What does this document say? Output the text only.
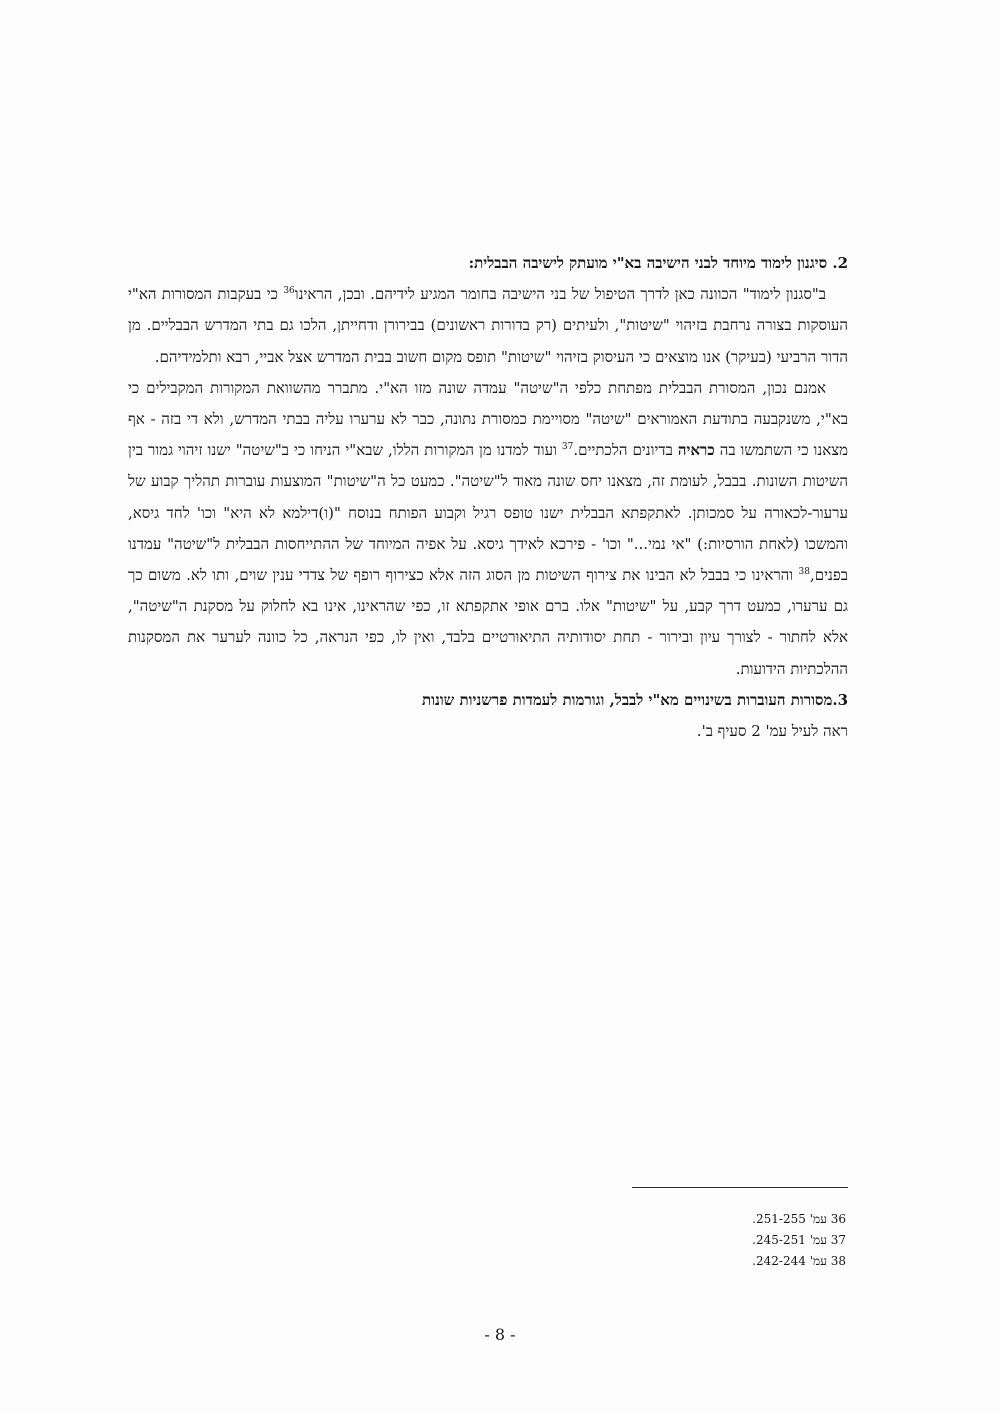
2. סיגנון לימוד מיוחד לבני הישיבה בא"י מועתק לישיבה הבבלית:

ב"סגנון לימוד" הכוונה כאן לדרך הטיפול של בני הישיבה בחומר המגיע לידיהם. ובכן, הראינו$^{36}$ כי בעקבות המסורות הא"י העוסקות בצורה נרחבת בזיהוי "שיטות", ולעיתים (רק בדורות ראשונים) בבירורן ודחייתן, הלכו גם בתי המדרש הבבליים. מן הדור הרביעי (בעיקר) אנו מוצאים כי העיסוק בזיהוי "שיטות" תופס מקום חשוב בבית המדרש אצל אביי, רבא ותלמידיהם.

אמנם נכון, המסורת הבבלית מפתחת כלפי ה"שיטה" עמדה שונה מזו הא"י. מתברר מהשוואת המקורות המקבילים כי בא"י, משנקבעה בתודעת האמוראים "שיטה" מסויימת כמסורת נתונה, כבר לא ערערו עליה בבתי המדרש, ולא די בזה - אף מצאנו כי השתמשו בה כראיה בדיונים הלכתיים.$^{37}$ ועוד למדנו מן המקורות הללו, שבא"י הניחו כי ב"שיטה" ישנו זיהוי גמור בין השיטות השונות. בבבל, לעומת זה, מצאנו יחס שונה מאוד ל"שיטה". כמעט כל ה"שיטות" המוצעות עוברות תהליך קבוע של ערעור-לכאורה על סמכותן. לאתקפתא הבבלית ישנו טופס רגיל וקבוע הפותח בנוסח "(ו)דילמא לא היא" וכו' לחד גיסא, והמשכו (לאחת הורסיות:) "אי נמי..." וכו' - פירכא לאידך גיסא. על אפיה המיוחד של ההתייחסות הבבלית ל"שיטה" עמדנו בפנים,$^{38}$ והראינו כי בבבל לא הבינו את צירוף השיטות מן הסוג הזה אלא כצירוף רופף של צדדי ענין שוים, ותו לא. משום כך גם ערערו, כמעט דרך קבע, על "שיטות" אלו. ברם אופי אתקפתא זו, כפי שהראינו, אינו בא לחלוק על מסקנת ה"שיטה", אלא לחתור - לצורך עיון ובירור - תחת יסודותיה התיאורטיים בלבד, ואין לו, כפי הנראה, כל כוונה לערער את המסקנות ההלכתיות הידועות.

3.מסורות העוברות בשינויים מא"י לבבל, וגורמות לעמדות פרשניות שונות

ראה לעיל עמ' 2 סעיף ב'.

36 עמ' 251-255.
37 עמ' 245-251.
38 עמ' 242-244.
- 8 -
